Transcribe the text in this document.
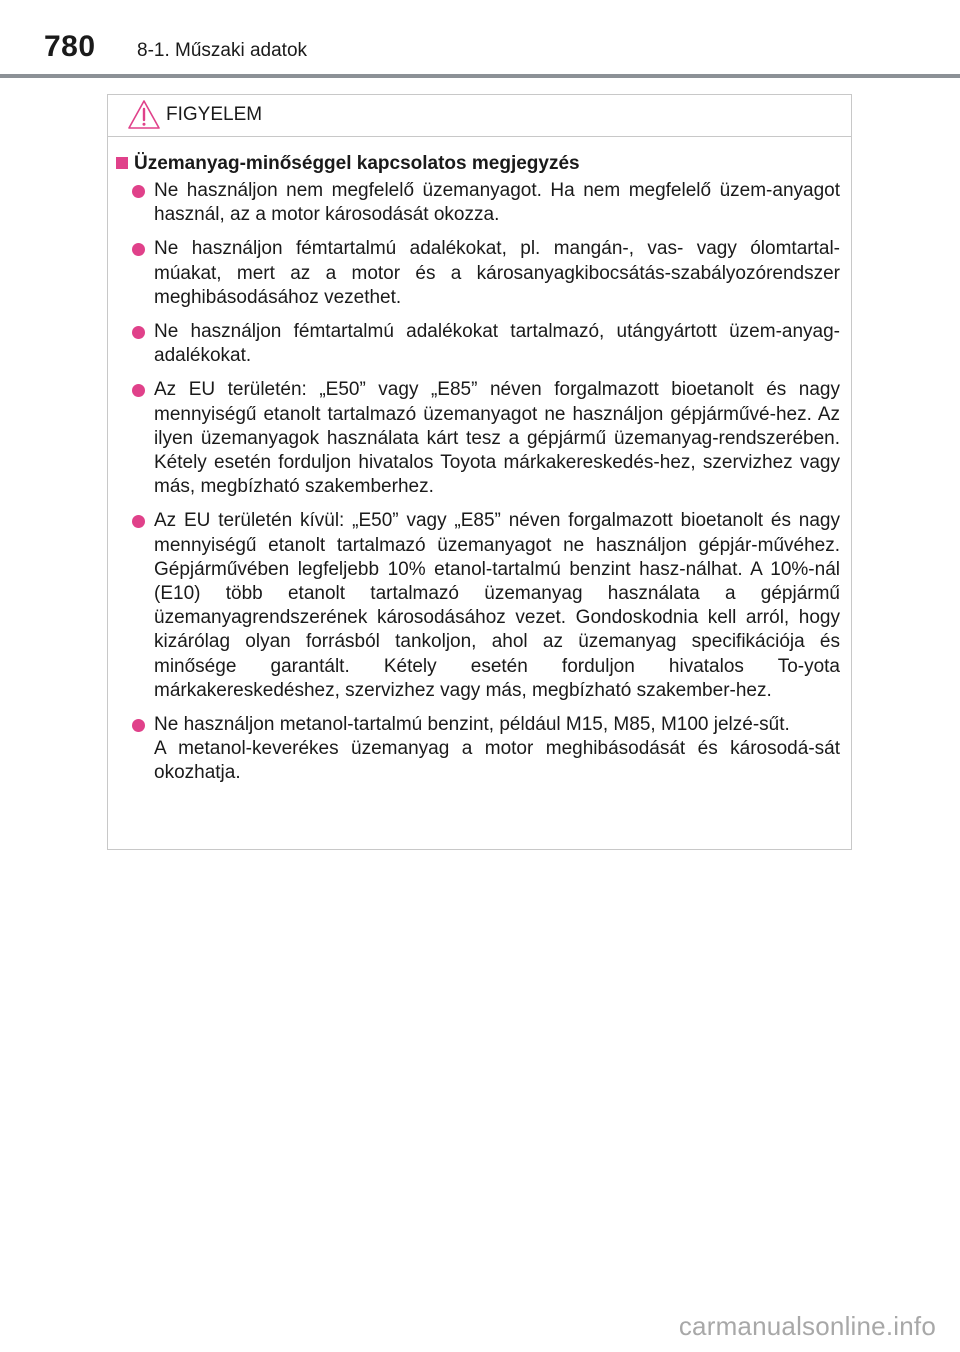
780 8-1. Műszaki adatok
FIGYELEM
Üzemanyag-minőséggel kapcsolatos megjegyzés

Ne használjon nem megfelelő üzemanyagot. Ha nem megfelelő üzem-anyagot használ, az a motor károsodását okozza.

Ne használjon fémtartalmú adalékokat, pl. mangán-, vas- vagy ólomtartal-múakat, mert az a motor és a károsanyagkibocsátás-szabályozórendszer meghibásodásához vezethet.

Ne használjon fémtartalmú adalékokat tartalmazó, utángyártott üzem-anyag-adalékokat.

Az EU területén: „E50” vagy „E85” néven forgalmazott bioetanolt és nagy mennyiségű etanolt tartalmazó üzemanyagot ne használjon gépjárművé-hez. Az ilyen üzemanyagok használata kárt tesz a gépjármű üzemanyag-rendszerében. Kétely esetén forduljon hivatalos Toyota márkakereskedés-hez, szervizhez vagy más, megbízható szakemberhez.

Az EU területén kívül: „E50” vagy „E85” néven forgalmazott bioetanolt és nagy mennyiségű etanolt tartalmazó üzemanyagot ne használjon gépjár-művéhez. Gépjárművében legfeljebb 10% etanol-tartalmú benzint hasz-nálhat. A 10%-nál (E10) több etanolt tartalmazó üzemanyag használata a gépjármű üzemanyagrendszerének károsodásához vezet. Gondoskodnia kell arról, hogy kizárólag olyan forrásból tankoljon, ahol az üzemanyag specifikációja és minősége garantált. Kétely esetén forduljon hivatalos To-yota márkakereskedéshez, szervizhez vagy más, megbízható szakember-hez.

Ne használjon metanol-tartalmú benzint, például M15, M85, M100 jelzé-sűt.

A metanol-keverékes üzemanyag a motor meghibásodását és károsodá-sát okozhatja.

carmanualsonline.info
